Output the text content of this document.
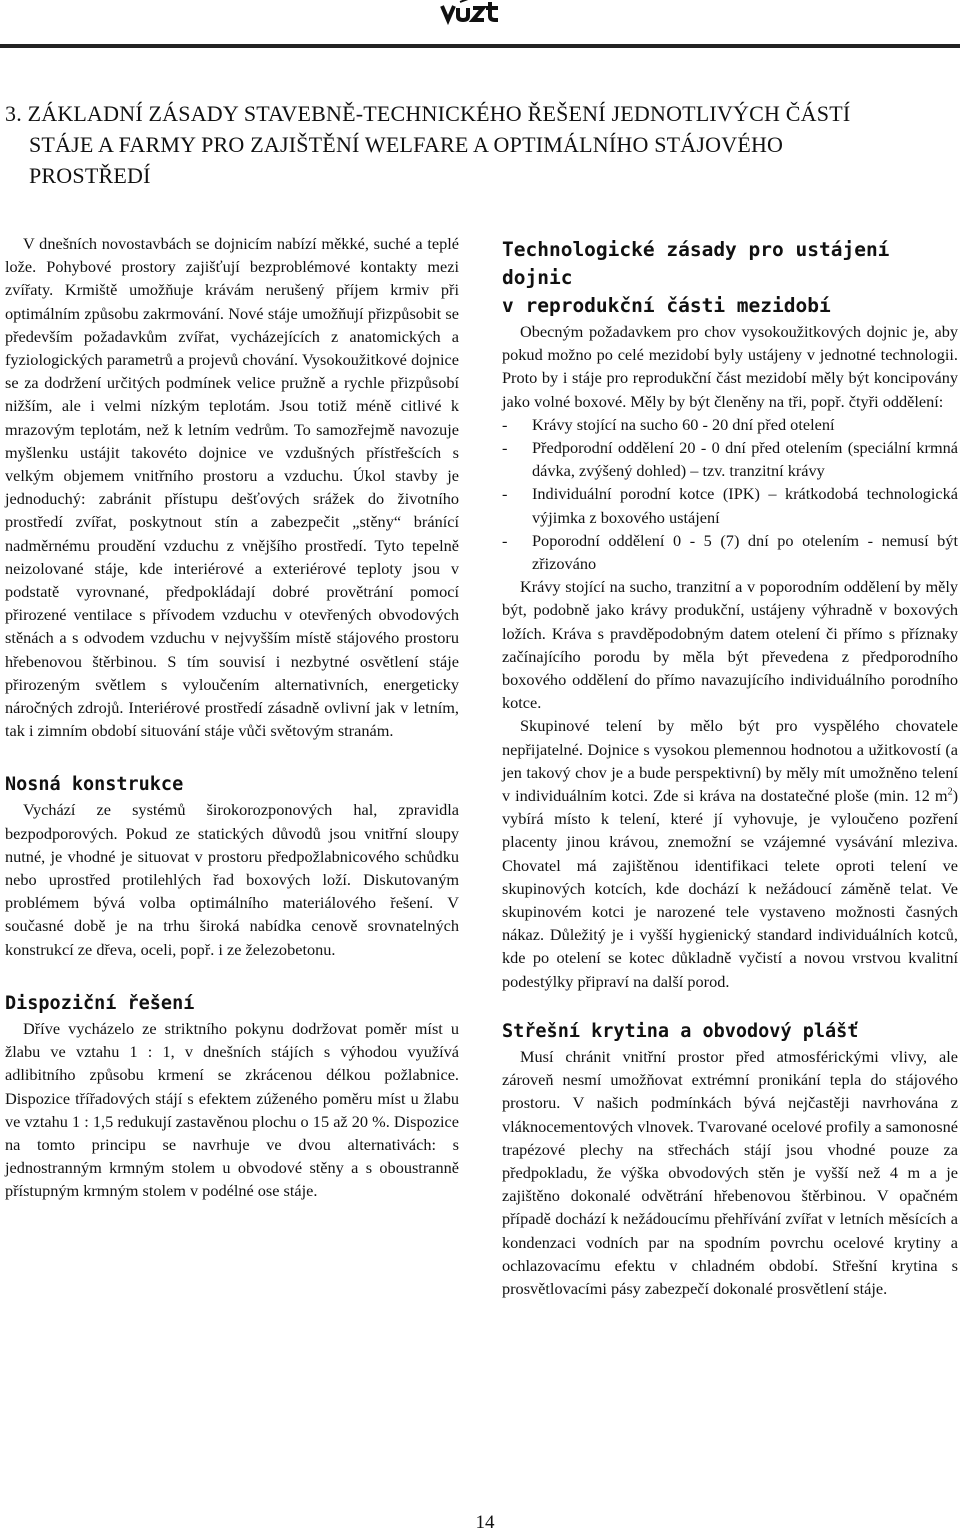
3. ZÁKLADNÍ ZÁSADY STAVEBNĚ-TECHNICKÉHO ŘEŠENÍ JEDNOTLIVÝCH ČÁSTÍ
STÁJE A FARMY PRO ZAJIŠTĚNÍ WELFARE A OPTIMÁLNÍHO STÁJOVÉHO
PROSTŘEDÍ

V dnešních novostavbách se dojnicím nabízí měkké, suché a teplé lože. Pohybové prostory zajišťují bezproblémové kontakty mezi zvířaty. Krmiště umožňuje krávám nerušený příjem krmiv při optimálním způsobu zakrmování. Nové stáje umožňují přizpůsobit se především požadavkům zvířat, vycházejících z anatomických a fyziologických parametrů a projevů chování. Vysokoužitkové dojnice se za dodržení určitých podmínek velice pružně a rychle přizpůsobí nižším, ale i velmi nízkým teplotám. Jsou totiž méně citlivé k mrazovým teplotám, než k letním vedrům. To samozřejmě navozuje myšlenku ustájit takovéto dojnice ve vzdušných přístřešcích s velkým objemem vnitřního prostoru a vzduchu. Úkol stavby je jednoduchý: zabránit přístupu dešťových srážek do životního prostředí zvířat, poskytnout stín a zabezpečit „stěny“ bránící nadměrnému proudění vzduchu z vnějšího prostředí. Tyto tepelně neizolované stáje, kde interiérové a exteriérové teploty jsou v podstatě vyrovnané, předpokládají dobré provětrání pomocí přirozené ventilace s přívodem vzduchu v otevřených obvodových stěnách a s odvodem vzduchu v nejvyšším místě stájového prostoru hřebenovou štěrbinou. S tím souvisí i nezbytné osvětlení stáje přirozeným světlem s vyloučením alternativních, energeticky náročných zdrojů. Interiérové prostředí zásadně ovlivní jak v letním, tak i zimním období situování stáje vůči světovým stranám.

Nosná konstrukce

Vychází ze systémů širokorozponových hal, zpravidla bezpodporových. Pokud ze statických důvodů jsou vnitřní sloupy nutné, je vhodné je situovat v prostoru předpožlabnicového schůdku nebo uprostřed protilehlých řad boxových loží. Diskutovaným problémem bývá volba optimálního materiálového řešení. V současné době je na trhu široká nabídka cenově srovnatelných konstrukcí ze dřeva, oceli, popř. i ze železobetonu.

Dispoziční řešení

Dříve vycházelo ze striktního pokynu dodržovat poměr míst u žlabu ve vztahu 1 : 1, v dnešních stájích s výhodou využívá adlibitního způsobu krmení se zkrácenou délkou požlabnice. Dispozice třířadových stájí s efektem zúženého poměru míst u žlabu ve vztahu 1 : 1,5 redukují zastavěnou plochu o 15 až 20 %. Dispozice na tomto principu se navrhuje ve dvou alternativách: s jednostranným krmným stolem u obvodové stěny a s oboustranně přístupným krmným stolem v podélné ose stáje.

Technologické zásady pro ustájení dojnic
v reprodukční části mezidobí

Obecným požadavkem pro chov vysokoužitkových dojnic je, aby pokud možno po celé mezidobí byly ustájeny v jednotné technologii. Proto by i stáje pro reprodukční část mezidobí měly být koncipovány jako volné boxové. Měly by být členěny na tři, popř. čtyři oddělení:

-	Krávy stojící na sucho 60 - 20 dní před otelení
-	Předporodní oddělení 20 - 0 dní před otelením (speciální krmná dávka, zvýšený dohled) – tzv. tranzitní krávy
-	Individuální porodní kotce (IPK) – krátkodobá technologická výjimka z boxového ustájení
-	Poporodní oddělení 0 - 5 (7) dní po otelením - nemusí být zřizováno

Krávy stojící na sucho, tranzitní a v poporodním oddělení by měly být, podobně jako krávy produkční, ustájeny výhradně v boxových ložích. Kráva s pravděpodobným datem otelení či přímo s příznaky začínajícího porodu by měla být převedena z předporodního boxového oddělení do přímo navazujícího individuálního porodního kotce.

Skupinové telení by mělo být pro vyspělého chovatele nepřijatelné. Dojnice s vysokou plemennou hodnotou a užitkovostí (a jen takový chov je a bude perspektivní) by měly mít umožněno telení v individuálním kotci. Zde si kráva na dostatečné ploše (min. 12 $m^2$) vybírá místo k telení, které jí vyhovuje, je vyloučeno pozření placenty jinou krávou, znemožní se vzájemné vysávání mleziva. Chovatel má zajištěnou identifikaci telete oproti telení ve skupinových kotcích, kde dochází k nežádoucí záměně telat. Ve skupinovém kotci je narozené tele vystaveno možnosti časných nákaz. Důležitý je i vyšší hygienický standard individuálních kotců, kde po otelení se kotec důkladně vyčistí a novou vrstvou kvalitní podestýlky připraví na další porod.

Střešní krytina a obvodový plášť

Musí chránit vnitřní prostor před atmosférickými vlivy, ale zároveň nesmí umožňovat extrémní pronikání tepla do stájového prostoru. V našich podmínkách bývá nejčastěji navrhována z vláknocementových vlnovek. Tvarované ocelové profily a samonosné trapézové plechy na střechách stájí jsou vhodné pouze za předpokladu, že výška obvodových stěn je vyšší než 4 m a je zajištěno dokonalé odvětrání hřebenovou štěrbinou. V opačném případě dochází k nežádoucímu přehřívání zvířat v letních měsících a kondenzaci vodních par na spodním povrchu ocelové krytiny a ochlazovacímu efektu v chladném období. Střešní krytina s prosvětlovacími pásy zabezpečí dokonalé prosvětlení stáje.

14
